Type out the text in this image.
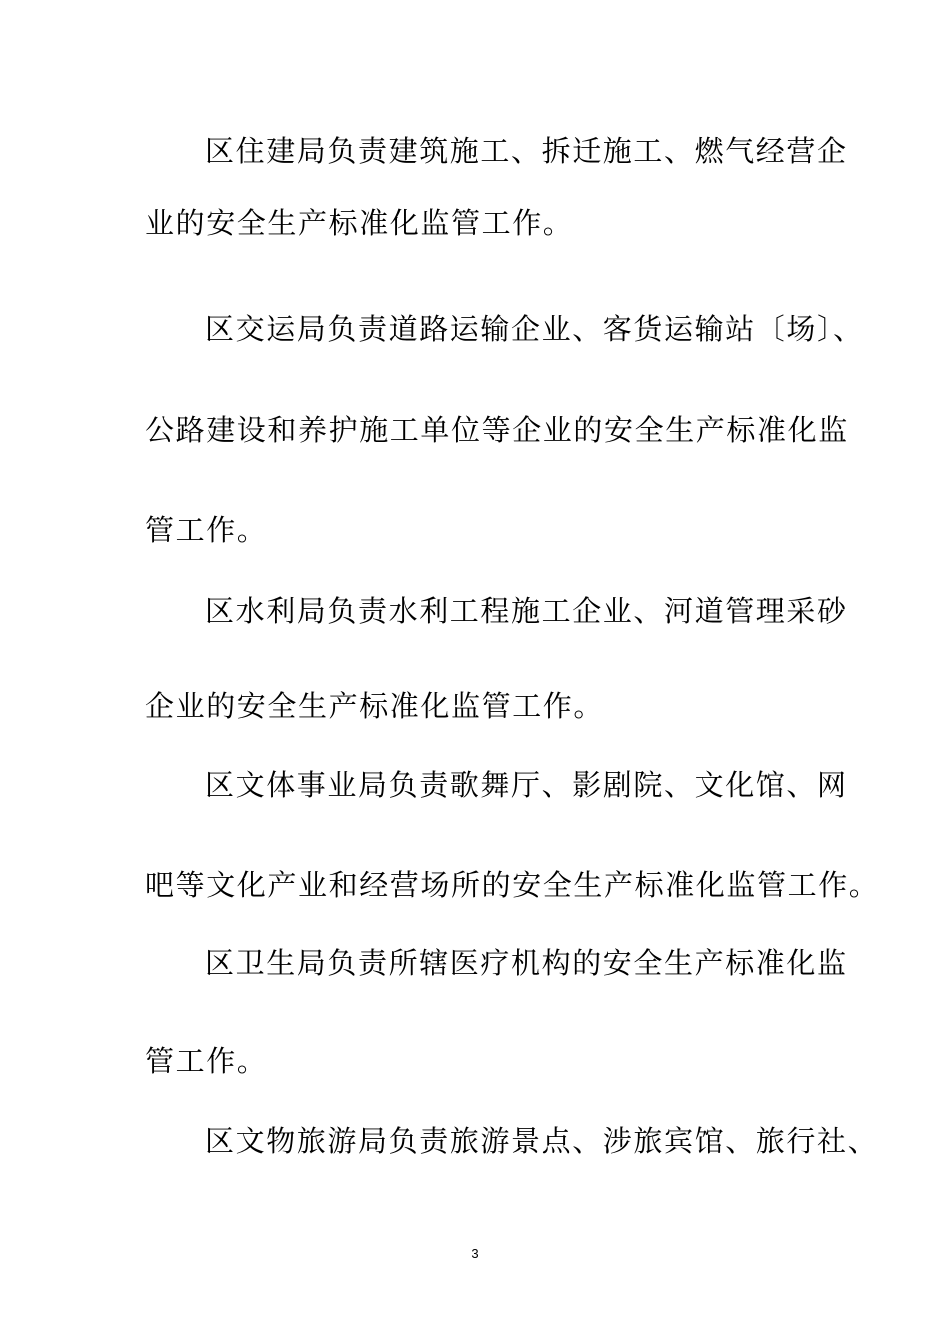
区住建局负责建筑施工、拆迁施工、燃气经营企
业的安全生产标准化监管工作。
区交运局负责道路运输企业、客货运输站〔场〕、
公路建设和养护施工单位等企业的安全生产标准化监
管工作。
区水利局负责水利工程施工企业、河道管理采砂
企业的安全生产标准化监管工作。
区文体事业局负责歌舞厅、影剧院、文化馆、网
吧等文化产业和经营场所的安全生产标准化监管工作。
区卫生局负责所辖医疗机构的安全生产标准化监
管工作。
区文物旅游局负责旅游景点、涉旅宾馆、旅行社、
3
